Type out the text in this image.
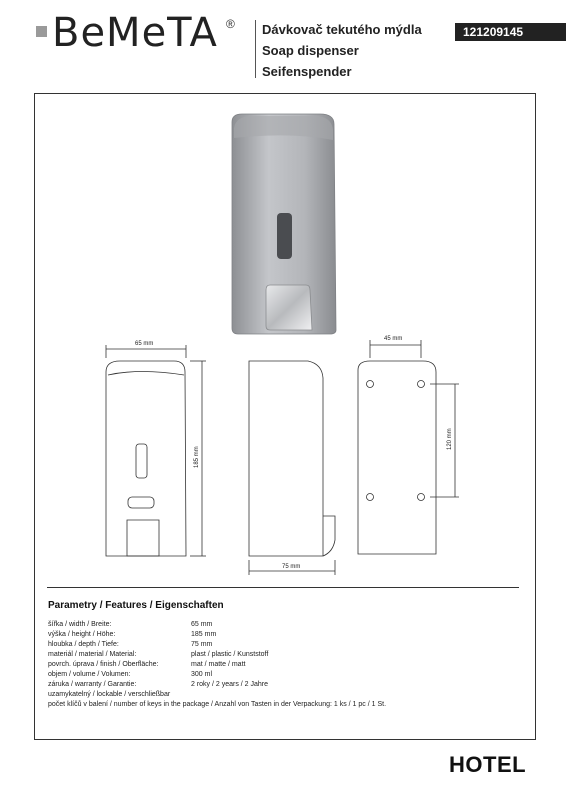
BeMeTA ® Dávkovač tekutého mýdla
Soap dispenser
Seifenspender
121209145
65 mm
185 mm
75 mm
45 mm
120 mm
Parametry / Features / Eigenschaften
šířka / width / Breite:	65 mm
výška / height / Höhe:	185 mm
hloubka / depth / Tiefe:	75 mm
materiál / material / Material:	plast / plastic / Kunststoff
povrch. úprava / finish / Oberfläche:	mat / matte / matt
objem / volume / Volumen:	300 ml
záruka / warranty / Garantie:	2 roky / 2 years / 2 Jahre
uzamykatelný / lockable / verschließbar
počet klíčů v balení / number of keys in the package / Anzahl von Tasten in der Verpackung: 1 ks / 1 pc / 1 St.
HOTEL
